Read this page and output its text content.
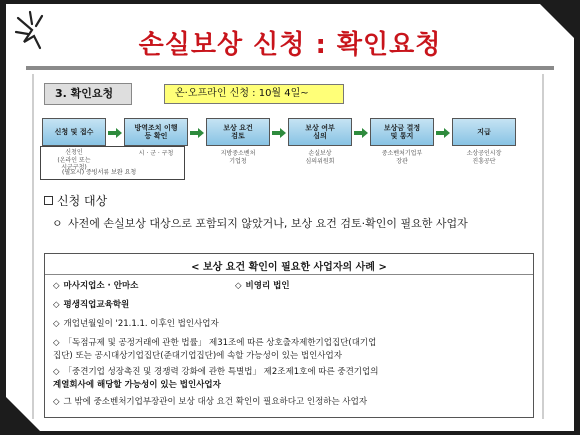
손실보상 신청 : 확인요청
3. 확인요청	온·오프라인 신청 : 10월 4일~
신청 및 접수
방역조치 이행
등 확인
보상 요건
검토
보상 여부
심의
보상금 결정
및 통지
지급
신청인
(온라인 또는
시군구청)
시 · 군 · 구청	지방중소벤처
기업청
손실보상
심의위원회
중소벤처기업부
장관
소상공인시장
진흥공단
(필요시) 증빙서류 보완 요청
신청 대상
ㅇ 사전에 손실보상 대상으로 포함되지 않았거나, 보상 요건 검토·확인이 필요한 사업자
< 보상 요건 확인이 필요한 사업자의 사례 >
◇ 마사지업소 · 안마소	◇ 비영리 법인
◇ 평생직업교육학원
◇ 개업년월일이 '21.1.1. 이후인 법인사업자
◇ 「독점규제 및 공정거래에 관한 법률」 제31조에 따른 상호출자제한기업집단(대기업
집단) 또는 공시대상기업집단(준대기업집단)에 속할 가능성이 있는 법인사업자
◇ 「중견기업 성장촉진 및 경쟁력 강화에 관한 특별법」 제2조제1호에 따른 중견기업의
계열회사에 해당할 가능성이 있는 법인사업자
◇ 그 밖에 중소벤처기업부장관이 보상 대상 요건 확인이 필요하다고 인정하는 사업자
